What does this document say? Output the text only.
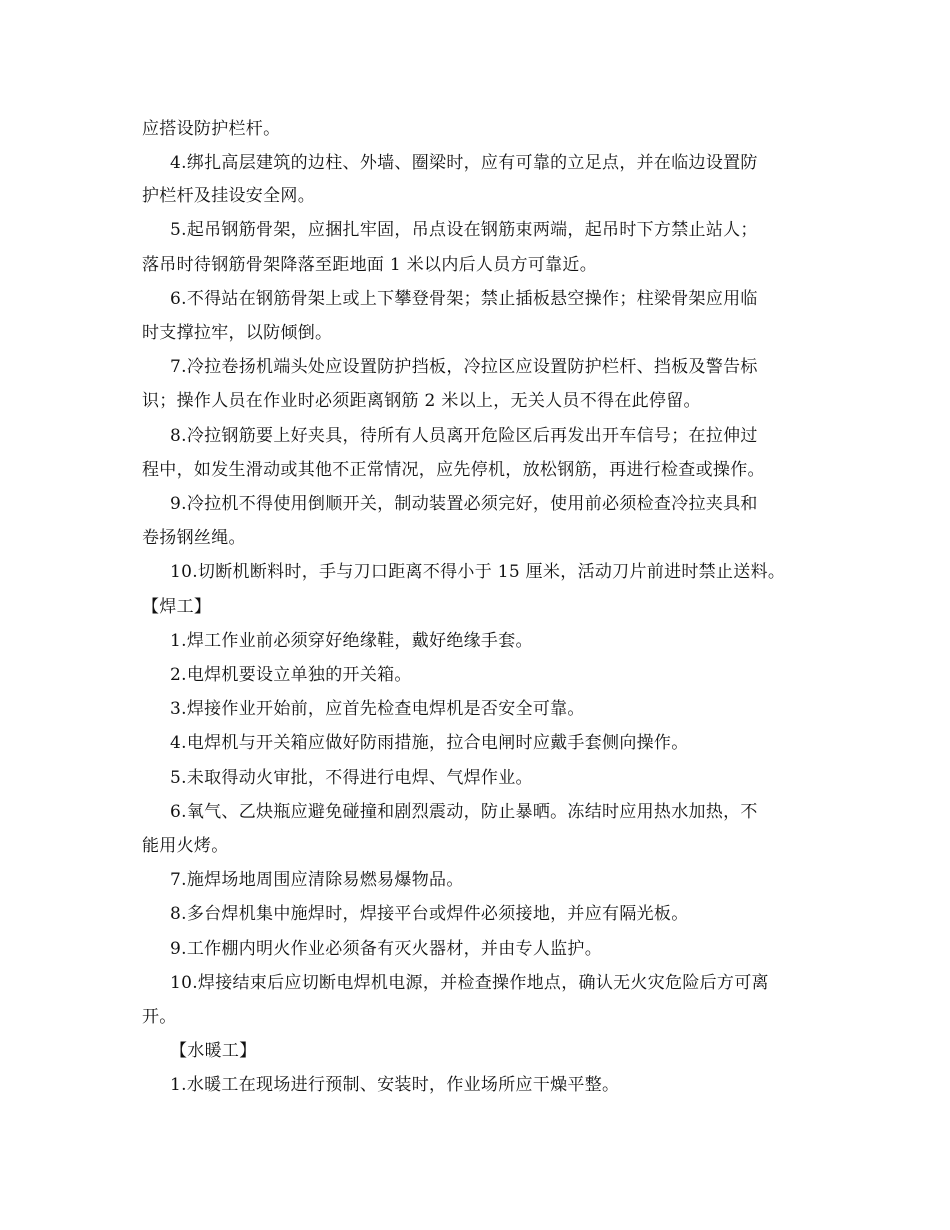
应搭设防护栏杆。
4.绑扎高层建筑的边柱、外墙、圈梁时，应有可靠的立足点，并在临边设置防
护栏杆及挂设安全网。
5.起吊钢筋骨架，应捆扎牢固，吊点设在钢筋束两端，起吊时下方禁止站人；
落吊时待钢筋骨架降落至距地面 1 米以内后人员方可靠近。
6.不得站在钢筋骨架上或上下攀登骨架；禁止插板悬空操作；柱梁骨架应用临
时支撑拉牢，以防倾倒。
7.冷拉卷扬机端头处应设置防护挡板，冷拉区应设置防护栏杆、挡板及警告标
识；操作人员在作业时必须距离钢筋 2 米以上，无关人员不得在此停留。
8.冷拉钢筋要上好夹具，待所有人员离开危险区后再发出开车信号；在拉伸过
程中，如发生滑动或其他不正常情况，应先停机，放松钢筋，再进行检查或操作。
9.冷拉机不得使用倒顺开关，制动装置必须完好，使用前必须检查冷拉夹具和
卷扬钢丝绳。
10.切断机断料时，手与刀口距离不得小于 15 厘米，活动刀片前进时禁止送料。
【焊工】
1.焊工作业前必须穿好绝缘鞋，戴好绝缘手套。
2.电焊机要设立单独的开关箱。
3.焊接作业开始前，应首先检查电焊机是否安全可靠。
4.电焊机与开关箱应做好防雨措施，拉合电闸时应戴手套侧向操作。
5.未取得动火审批，不得进行电焊、气焊作业。
6.氧气、乙炔瓶应避免碰撞和剧烈震动，防止暴晒。冻结时应用热水加热，不
能用火烤。
7.施焊场地周围应清除易燃易爆物品。
8.多台焊机集中施焊时，焊接平台或焊件必须接地，并应有隔光板。
9.工作棚内明火作业必须备有灭火器材，并由专人监护。
10.焊接结束后应切断电焊机电源，并检查操作地点，确认无火灾危险后方可离
开。
【水暖工】
1.水暖工在现场进行预制、安装时，作业场所应干燥平整。
